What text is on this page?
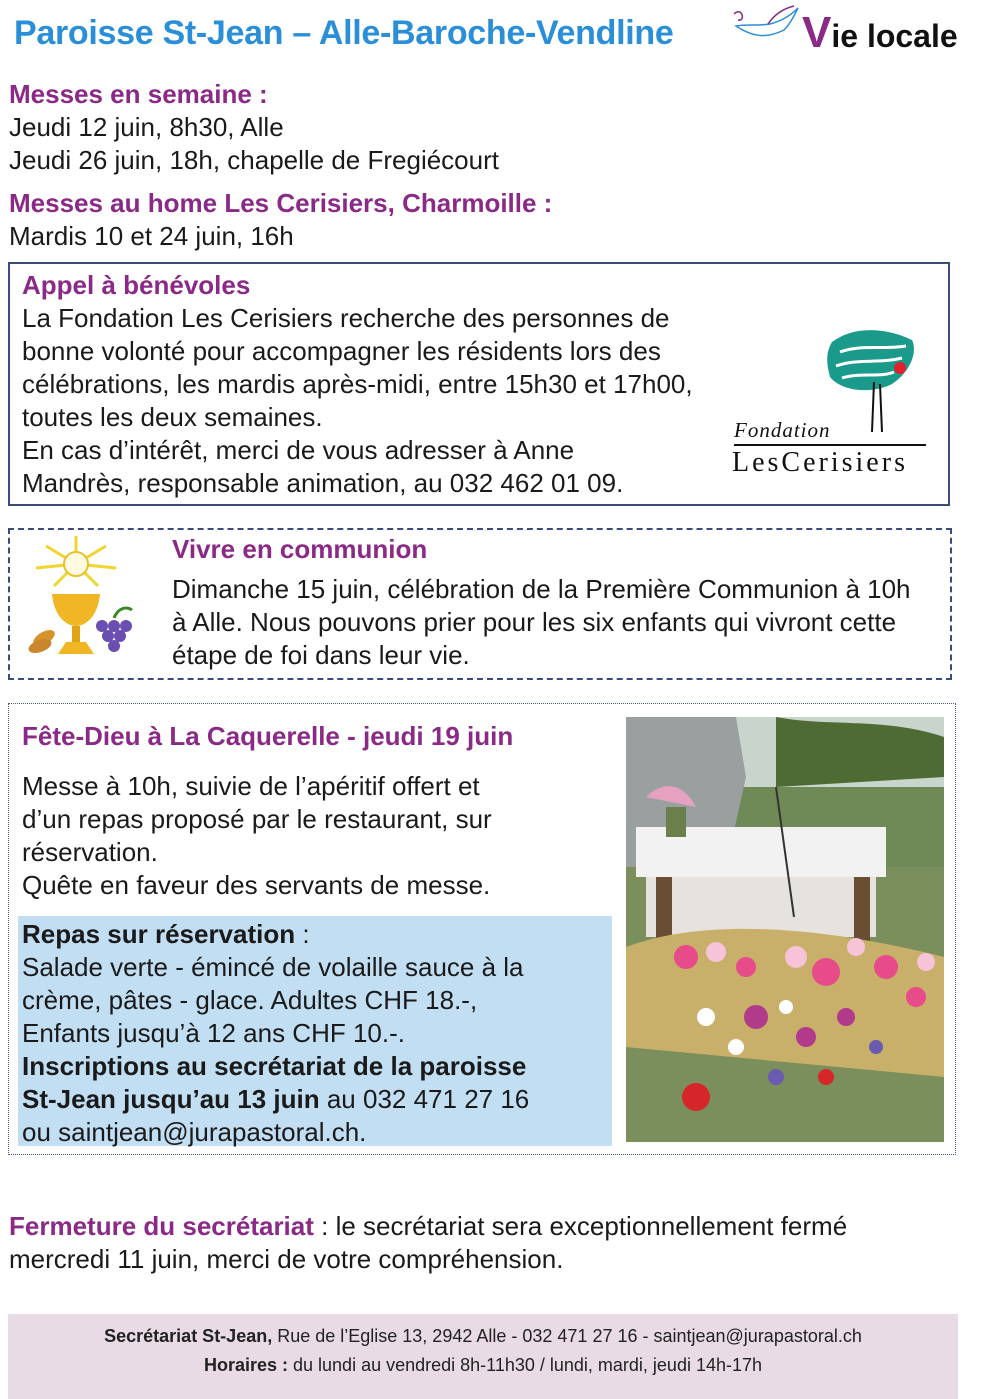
Paroisse St-Jean – Alle-Baroche-Vendline	Vie locale
Messes en semaine :
Jeudi 12 juin, 8h30, Alle
Jeudi 26 juin, 18h, chapelle de Fregiécourt
Messes au home Les Cerisiers, Charmoille :
Mardis 10 et 24 juin, 16h
Appel à bénévoles
La Fondation Les Cerisiers recherche des personnes de
bonne volonté pour accompagner les résidents lors des
célébrations, les mardis après-midi, entre 15h30 et 17h00,
toutes les deux semaines.
En cas d’intérêt, merci de vous adresser à Anne
Mandrès, responsable animation, au 032 462 01 09.
Fondation
LesCerisiers
Vivre en communion
Dimanche 15 juin, célébration de la Première Communion à 10h
à Alle. Nous pouvons prier pour les six enfants qui vivront cette
étape de foi dans leur vie.
Fête-Dieu à La Caquerelle - jeudi 19 juin
Messe à 10h, suivie de l’apéritif offert et
d’un repas proposé par le restaurant, sur
réservation.
Quête en faveur des servants de messe.
Repas sur réservation :
Salade verte - émincé de volaille sauce à la
crème, pâtes - glace. Adultes CHF 18.-,
Enfants jusqu’à 12 ans CHF 10.-.
Inscriptions au secrétariat de la paroisse
St-Jean jusqu’au 13 juin au 032 471 27 16
ou saintjean@jurapastoral.ch.
Fermeture du secrétariat : le secrétariat sera exceptionnellement fermé
mercredi 11 juin, merci de votre compréhension.
Secrétariat St-Jean, Rue de l’Eglise 13, 2942 Alle - 032 471 27 16 - saintjean@jurapastoral.ch
Horaires : du lundi au vendredi 8h-11h30 / lundi, mardi, jeudi 14h-17h
